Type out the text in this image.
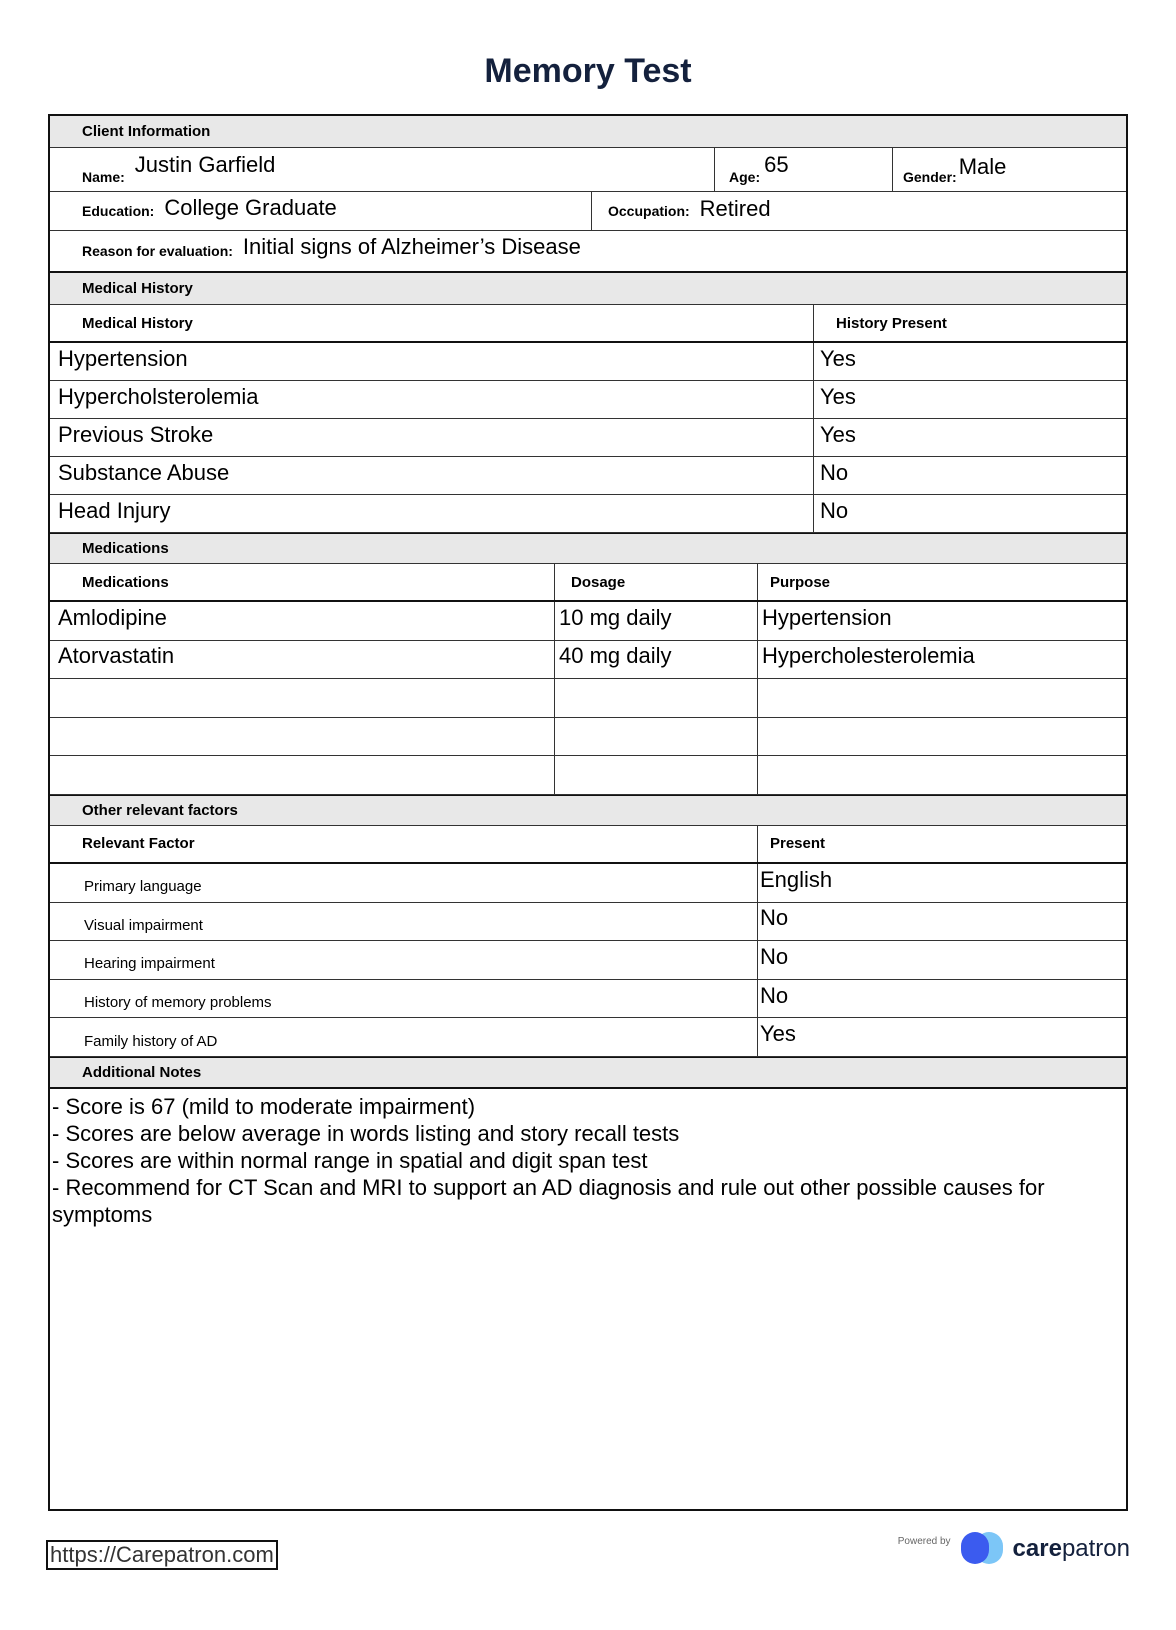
Memory Test
Client Information
Name: Justin Garfield	Age: 65	Gender: Male
Education: College Graduate	Occupation: Retired
Reason for evaluation: Initial signs of Alzheimer’s Disease
Medical History
Medical History	History Present
Hypertension	Yes
Hypercholsterolemia	Yes
Previous Stroke	Yes
Substance Abuse	No
Head Injury	No
Medications
Medications	Dosage	Purpose
Amlodipine	10 mg daily	Hypertension
Atorvastatin	40 mg daily	Hypercholesterolemia
Other relevant factors
Relevant Factor	Present
Primary language	English
Visual impairment	No
Hearing impairment	No
History of memory problems	No
Family history of AD	Yes
Additional Notes
- Score is 67 (mild to moderate impairment)
- Scores are below average in words listing and story recall tests
- Scores are within normal range in spatial and digit span test
- Recommend for CT Scan and MRI to support an AD diagnosis and rule out other possible causes for symptoms
https://Carepatron.com
Powered by	carepatron
